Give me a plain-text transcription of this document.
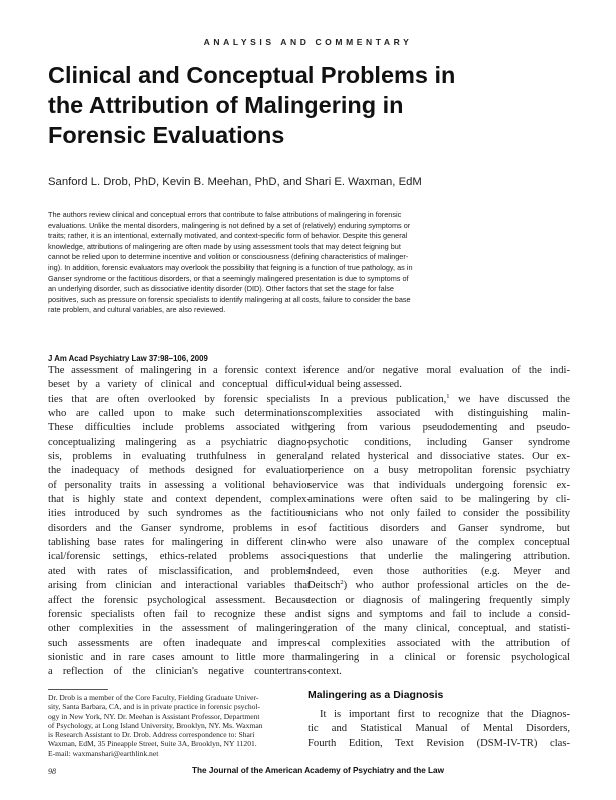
ANALYSIS AND COMMENTARY
Clinical and Conceptual Problems in
the Attribution of Malingering in
Forensic Evaluations
Sanford L. Drob, PhD, Kevin B. Meehan, PhD, and Shari E. Waxman, EdM
The authors review clinical and conceptual errors that contribute to false attributions of malingering in forensic
evaluations. Unlike the mental disorders, malingering is not defined by a set of (relatively) enduring symptoms or
traits; rather, it is an intentional, externally motivated, and context-specific form of behavior. Despite this general
knowledge, attributions of malingering are often made by using assessment tools that may detect feigning but
cannot be relied upon to determine incentive and volition or consciousness (defining characteristics of malinger-
ing). In addition, forensic evaluators may overlook the possibility that feigning is a function of true pathology, as in
Ganser syndrome or the factitious disorders, or that a seemingly malingered presentation is due to symptoms of
an underlying disorder, such as dissociative identity disorder (DID). Other factors that set the stage for false
positives, such as pressure on forensic specialists to identify malingering at all costs, failure to consider the base
rate problem, and cultural variables, are also reviewed.
J Am Acad Psychiatry Law 37:98–106, 2009
The assessment of malingering in a forensic context is
beset by a variety of clinical and conceptual difficul-
ties that are often overlooked by forensic specialists
who are called upon to make such determinations.
These difficulties include problems associated with
conceptualizing malingering as a psychiatric diagno-
sis, problems in evaluating truthfulness in general,
the inadequacy of methods designed for evaluation
of personality traits in assessing a volitional behavior
that is highly state and context dependent, complex-
ities introduced by such syndromes as the factitious
disorders and the Ganser syndrome, problems in es-
tablishing base rates for malingering in different clin-
ical/forensic settings, ethics-related problems associ-
ated with rates of misclassification, and problems
arising from clinician and interactional variables that
affect the forensic psychological assessment. Because
forensic specialists often fail to recognize these and
other complexities in the assessment of malingering,
such assessments are often inadequate and impres-
sionistic and in rare cases amount to little more than
a reflection of the clinician's negative countertrans-
ference and/or negative moral evaluation of the indi-
vidual being assessed.
In a previous publication,$^1$ we have discussed the
complexities associated with distinguishing malin-
gering from various pseudodementing and pseudo-
psychotic conditions, including Ganser syndrome
and related hysterical and dissociative states. Our ex-
perience on a busy metropolitan forensic psychiatry
service was that individuals undergoing forensic ex-
aminations were often said to be malingering by cli-
nicians who not only failed to consider the possibility
of factitious disorders and Ganser syndrome, but
who were also unaware of the complex conceptual
questions that underlie the malingering attribution.
Indeed, even those authorities (e.g. Meyer and
Deitsch$^2$) who author professional articles on the de-
tection or diagnosis of malingering frequently simply
list signs and symptoms and fail to include a consid-
eration of the many clinical, conceptual, and statisti-
cal complexities associated with the attribution of
malingering in a clinical or forensic psychological
context.
Malingering as a Diagnosis
It is important first to recognize that the Diagnos-
tic and Statistical Manual of Mental Disorders,
Fourth Edition, Text Revision (DSM-IV-TR) clas-
Dr. Drob is a member of the Core Faculty, Fielding Graduate Univer-
sity, Santa Barbara, CA, and is in private practice in forensic psychol-
ogy in New York, NY. Dr. Meehan is Assistant Professor, Department
of Psychology, at Long Island University, Brooklyn, NY. Ms. Waxman
is Research Assistant to Dr. Drob. Address correspondence to: Shari
Waxman, EdM, 35 Pineapple Street, Suite 3A, Brooklyn, NY 11201.
E-mail: waxmanshari@earthlink.net
98	The Journal of the American Academy of Psychiatry and the Law
